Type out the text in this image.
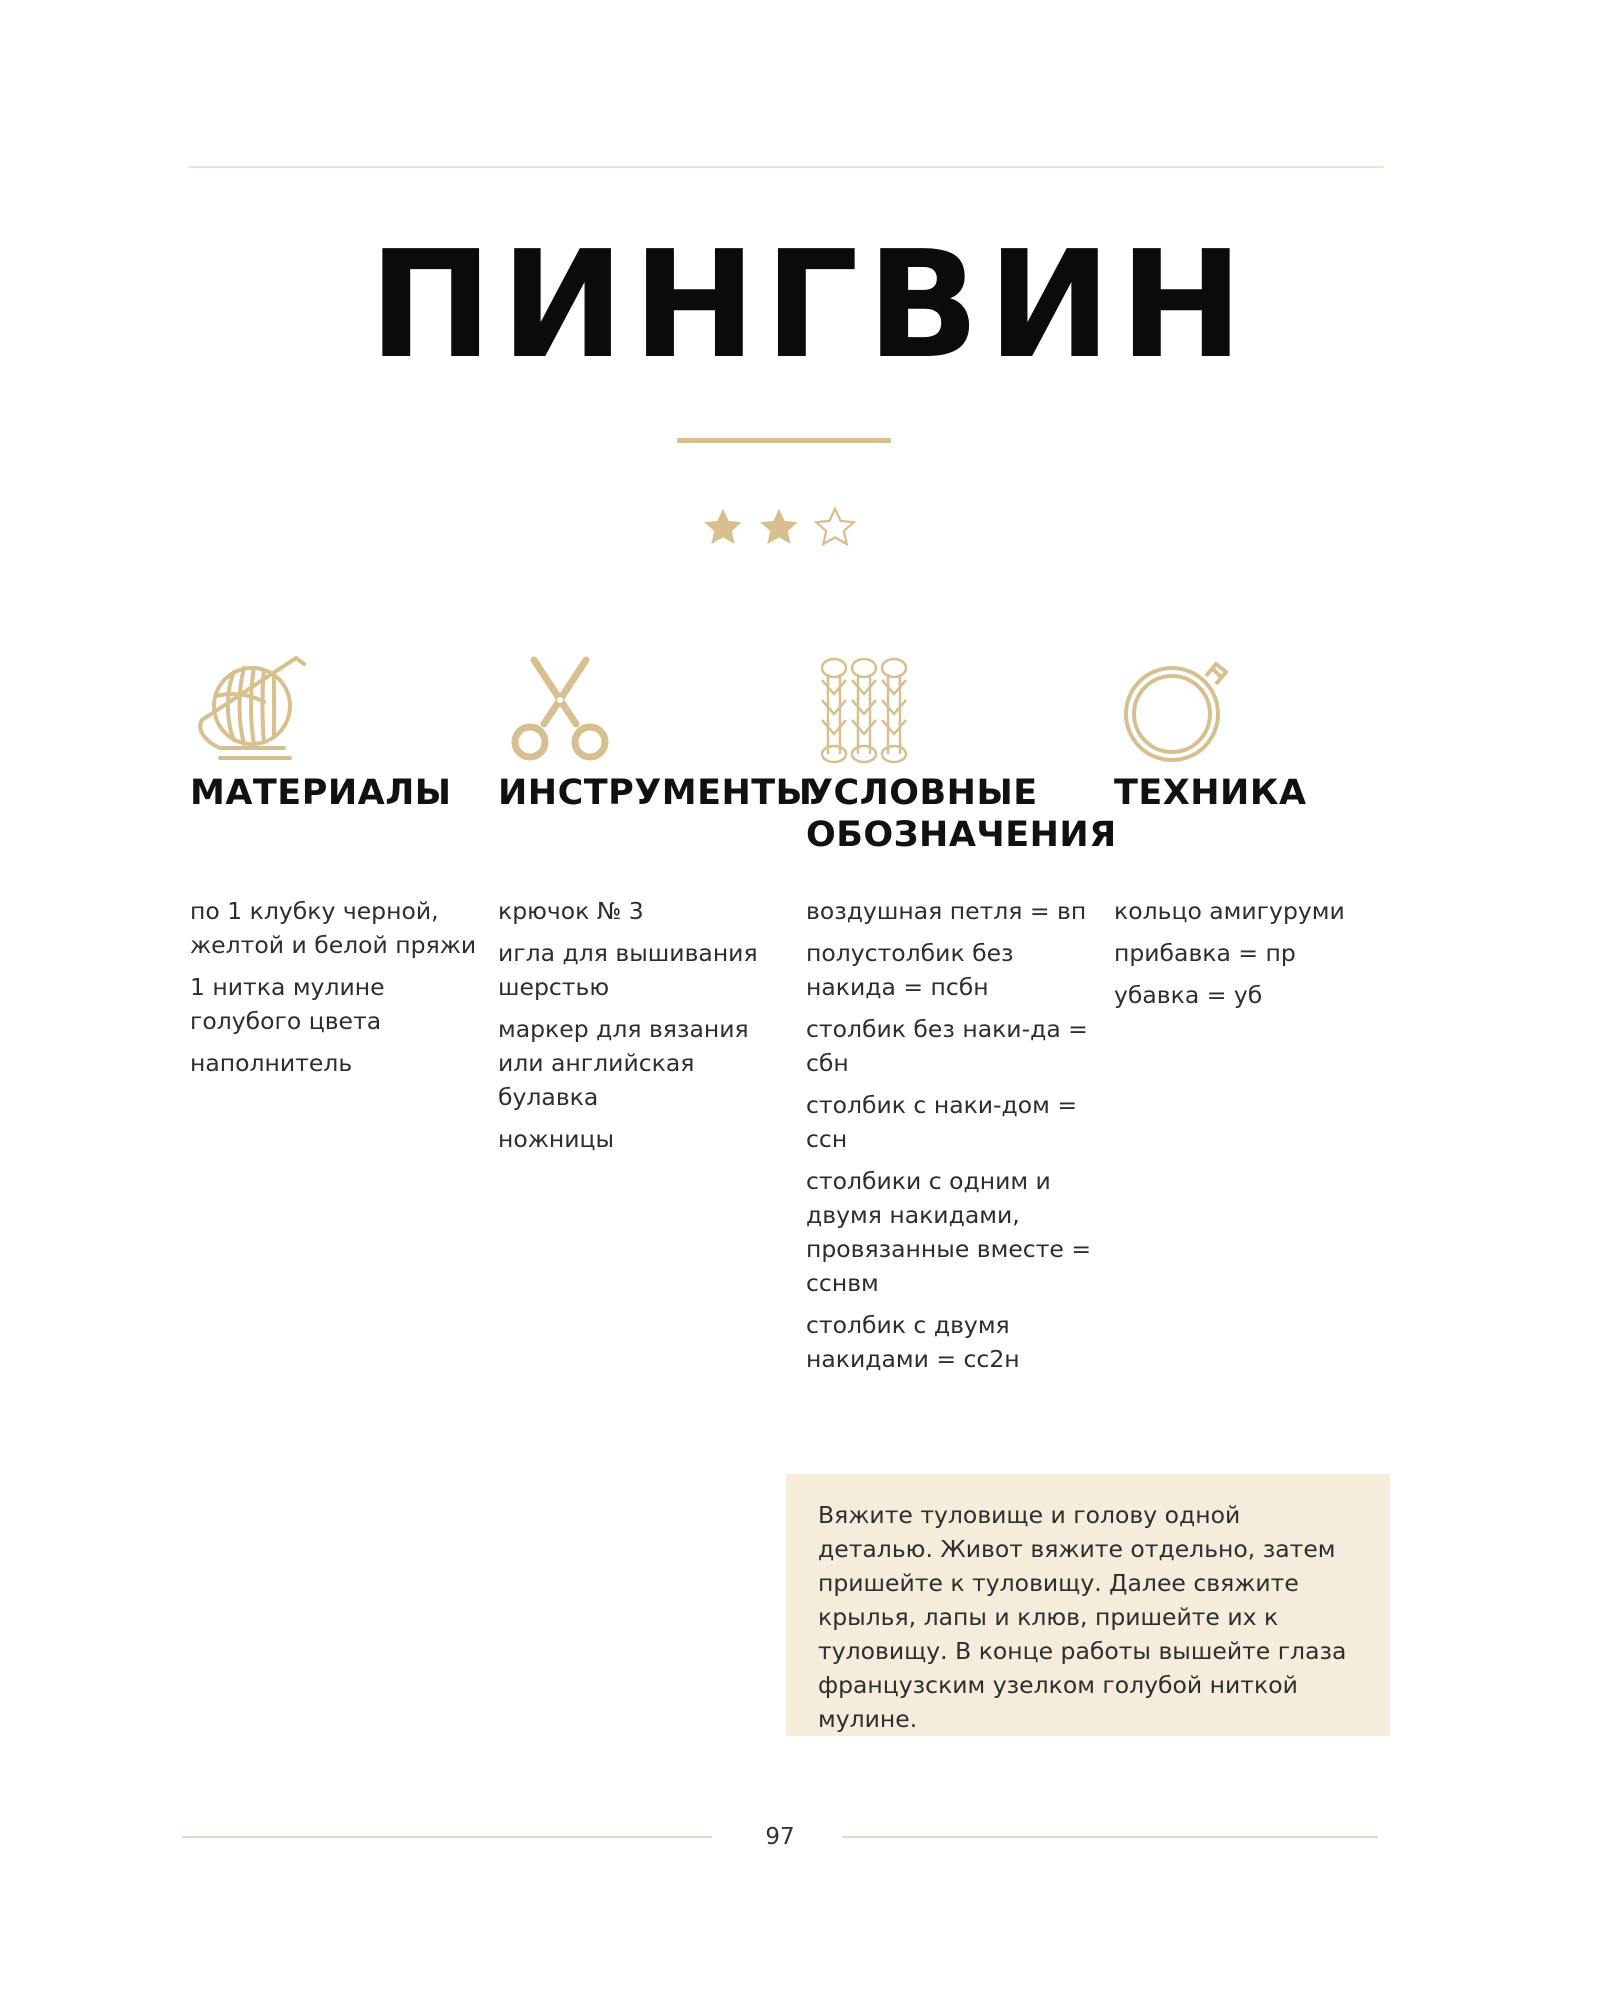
ПИНГВИН
МАТЕРИАЛЫ
по 1 клубку черной, желтой и белой пряжи
1 нитка мулине голубого цвета
наполнитель
ИНСТРУМЕНТЫ
крючок № 3
игла для вышивания шерстью
маркер для вязания или английская булавка
ножницы
УСЛОВНЫЕ ОБОЗНАЧЕНИЯ
воздушная петля = вп
полустолбик без накида = псбн
столбик без наки-да = сбн
столбик с наки-дом = ссн
столбики с одним и двумя накидами, провязанные вместе = сснвм
столбик с двумя накидами = сс2н
ТЕХНИКА
кольцо амигуруми
прибавка = пр
убавка = уб

Вяжите туловище и голову одной деталью. Живот вяжите отдельно, затем пришейте к туловищу. Далее свяжите крылья, лапы и клюв, пришейте их к туловищу. В конце работы вышейте глаза французским узелком голубой ниткой мулине.

97
